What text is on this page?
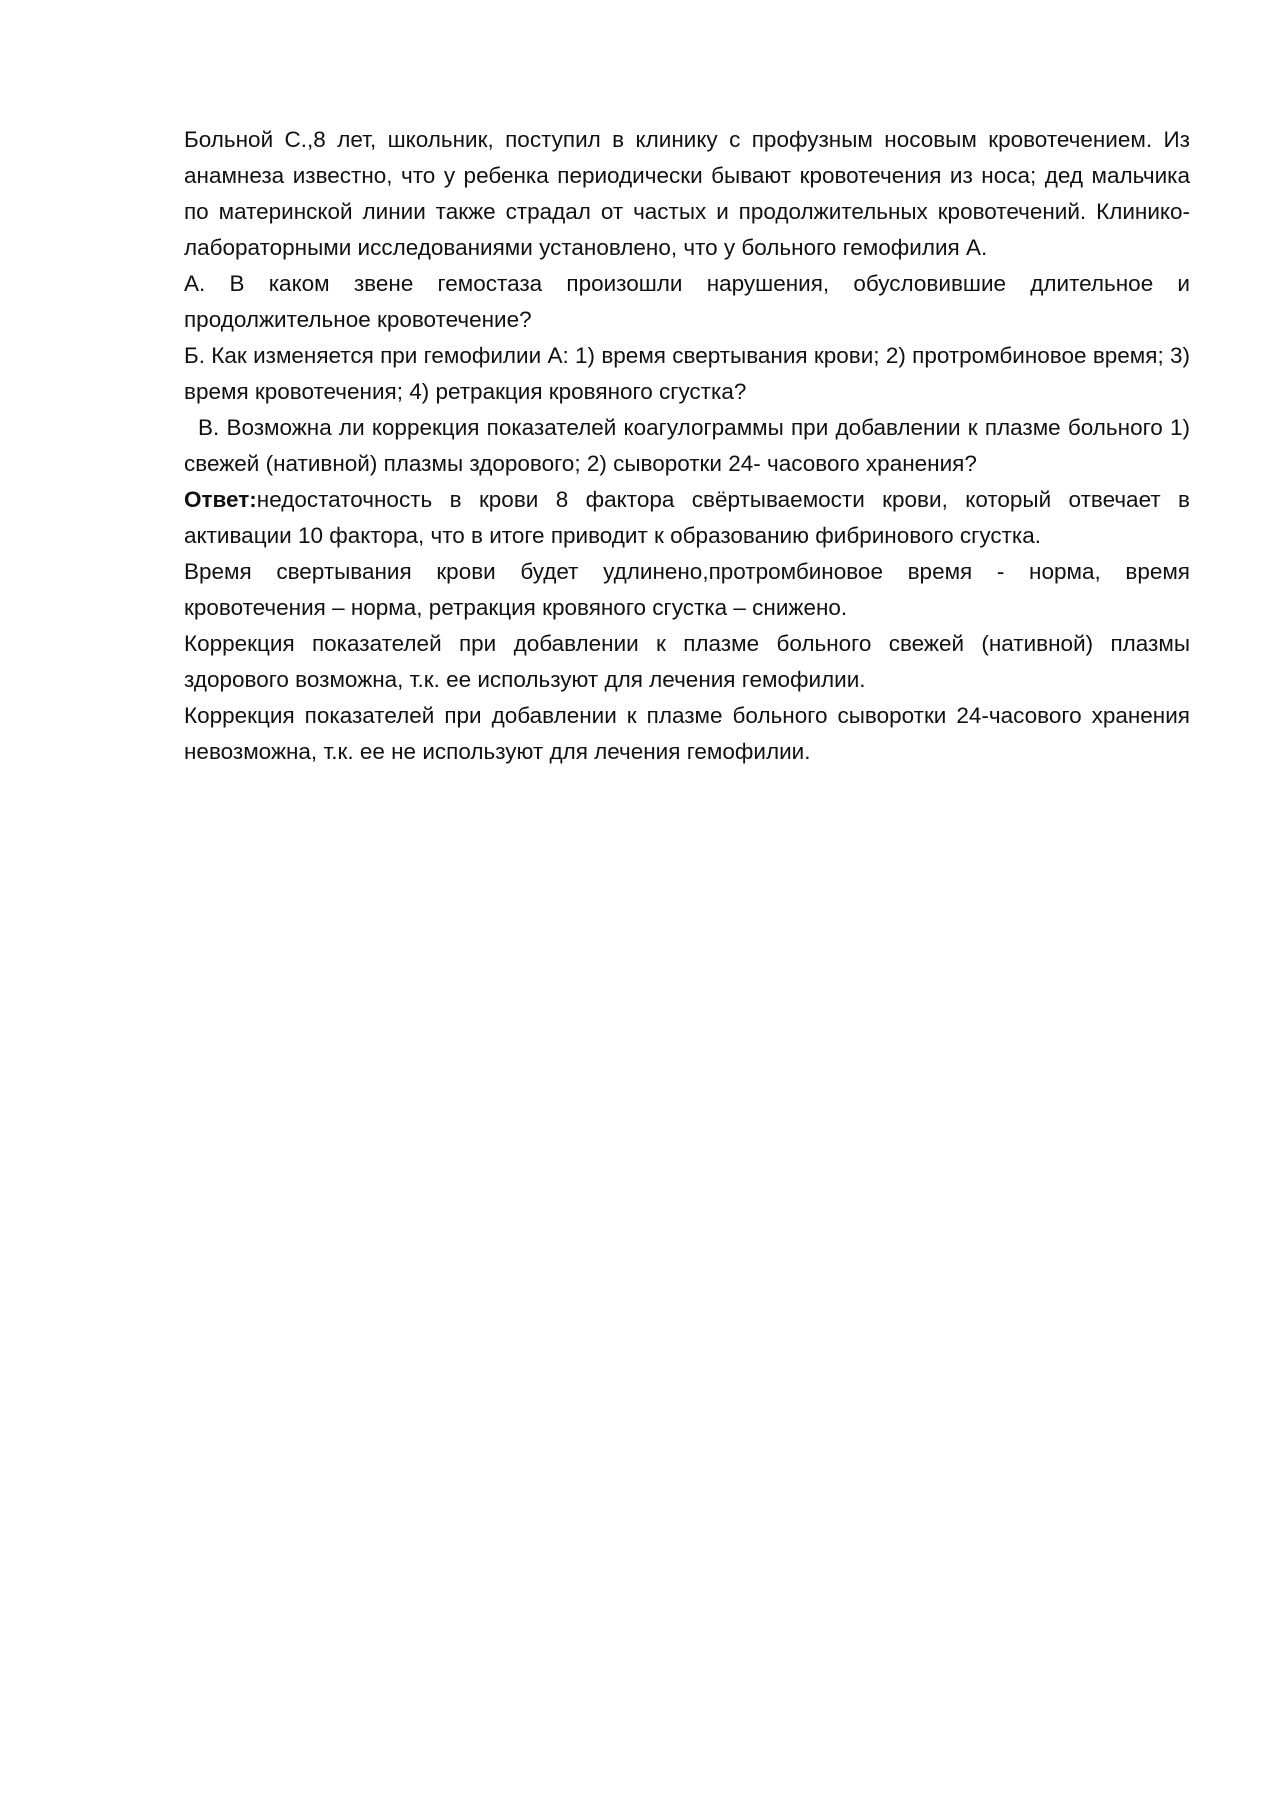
Больной С.,8 лет, школьник, поступил в клинику с профузным носовым кровотечением. Из анамнеза известно, что у ребенка периодически бывают кровотечения из носа; дед мальчика по материнской линии также страдал от частых и продолжительных кровотечений. Клинико-лабораторными исследованиями установлено, что у больного гемофилия А.

А. В каком звене гемостаза произошли нарушения, обусловившие длительное и продолжительное кровотечение?

Б. Как изменяется при гемофилии А: 1) время свертывания крови; 2) протромбиновое время; 3) время кровотечения; 4) ретракция кровяного сгустка?

В. Возможна ли коррекция показателей коагулограммы при добавлении к плазме больного 1) свежей (нативной) плазмы здорового; 2) сыворотки 24- часового хранения?

Ответ:недостаточность в крови 8 фактора свёртываемости крови, который отвечает в активации 10 фактора, что в итоге приводит к образованию фибринового сгустка.

Время свертывания крови будет удлинено,протромбиновое время - норма, время кровотечения – норма, ретракция кровяного сгустка – снижено.

Коррекция показателей при добавлении к плазме больного свежей (нативной) плазмы здорового возможна, т.к. ее используют для лечения гемофилии.

Коррекция показателей при добавлении к плазме больного сыворотки 24-часового хранения невозможна, т.к. ее не используют для лечения гемофилии.
